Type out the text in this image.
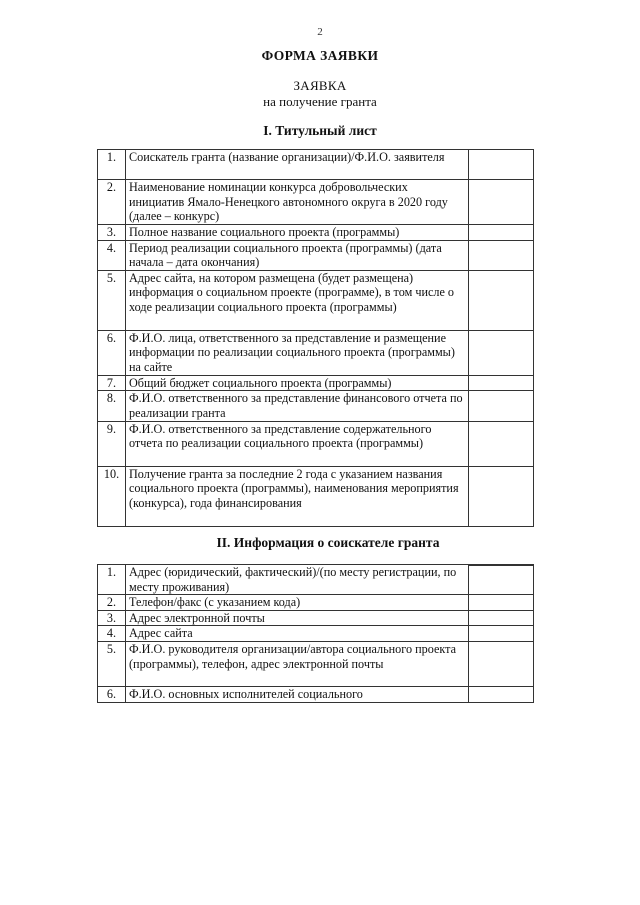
2
ФОРМА ЗАЯВКИ
ЗАЯВКА
на получение гранта
I. Титульный лист
1.	Соискатель гранта (название организации)/Ф.И.О. заявителя	
2.	Наименование номинации конкурса добровольческих инициатив Ямало-Ненецкого автономного округа в 2020 году (далее – конкурс)	
3.	Полное название социального проекта (программы)	
4.	Период реализации социального проекта (программы) (дата начала – дата окончания)	
5.	Адрес сайта, на котором размещена (будет размещена) информация о социальном проекте (программе), в том числе о ходе реализации социального проекта (программы)	
6.	Ф.И.О. лица, ответственного за представление и размещение информации по реализации социального проекта (программы) на сайте	
7.	Общий бюджет социального проекта (программы)	
8.	Ф.И.О. ответственного за представление финансового отчета по реализации гранта	
9.	Ф.И.О. ответственного за представление содержательного отчета по реализации социального проекта (программы)	
10.	Получение гранта за последние 2 года с указанием названия социального проекта (программы), наименования мероприятия (конкурса), года финансирования	
II. Информация о соискателе гранта
1.	Адрес (юридический, фактический)/(по месту регистрации, по месту проживания)	

2.	Телефон/факс (с указанием кода)	
3.	Адрес электронной почты	
4.	Адрес сайта	
5.	Ф.И.О. руководителя организации/автора социального проекта (программы), телефон, адрес электронной почты	
6.	Ф.И.О. основных исполнителей социального	
